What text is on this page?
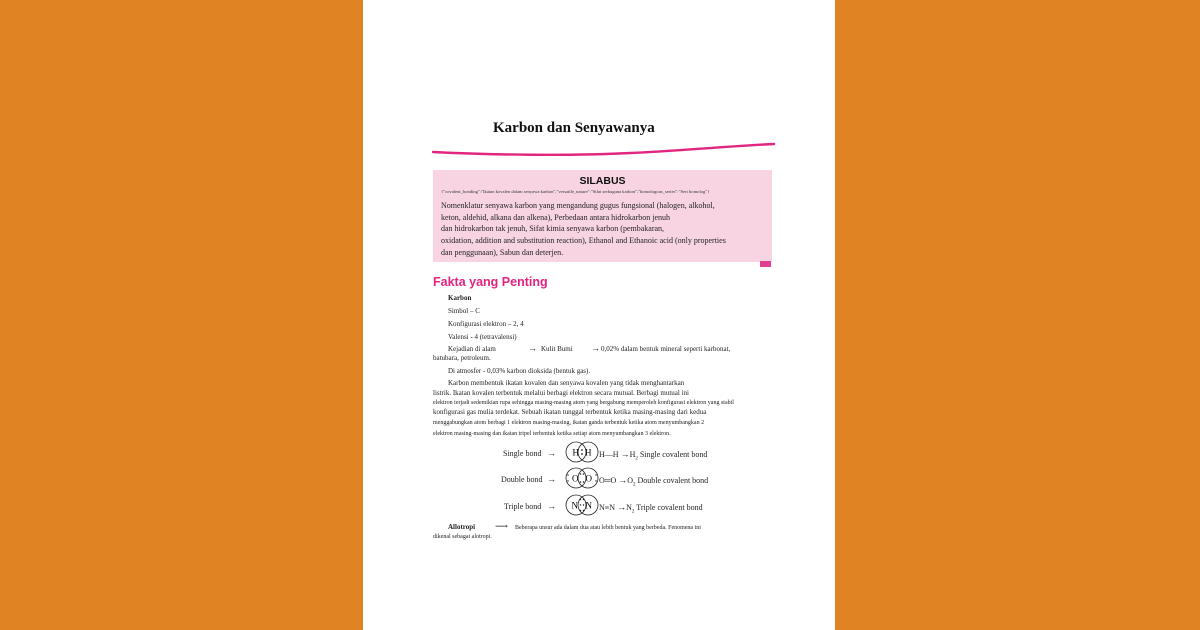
Karbon dan Senyawanya
SILABUS
{"covalent_bonding":"Ikatan kovalen dalam senyawa karbon","versatile_nature":"Sifat serbaguna karbon","homologous_series":"Seri homolog"}
Nomenklatur senyawa karbon yang mengandung gugus fungsional (halogen, alkohol,
keton, aldehid, alkana dan alkena), Perbedaan antara hidrokarbon jenuh
dan hidrokarbon tak jenuh, Sifat kimia senyawa karbon (pembakaran,
oxidation, addition and substitution reaction), Ethanol and Ethanoic acid (only properties
dan penggunaan), Sabun dan deterjen.
Fakta yang Penting
Karbon
Simbol – C
Konfigurasi elektron – 2, 4
Valensi - 4 (tetravalensi)
Kejadian di alam	→ Kulit Bumi → 0,02% dalam bentuk mineral seperti karbonat,
batubara, petroleum.
Di atmosfer - 0,03% karbon dioksida (bentuk gas).
Karbon membentuk ikatan kovalen dan senyawa kovalen yang tidak menghantarkan
listrik. Ikatan kovalen terbentuk melalui berbagi elektron secara mutual. Berbagi mutual ini
elektron terjadi sedemikian rupa sehingga masing-masing atom yang bergabung memperoleh konfigurasi elektron yang stabil
konfigurasi gas mulia terdekat. Sebuah ikatan tunggal terbentuk ketika masing-masing dari kedua
menggabungkan atom berbagi 1 elektron masing-masing, ikatan ganda terbentuk ketika atom menyumbangkan 2
elektron masing-masing dan ikatan tripel terbentuk ketika setiap atom menyumbangkan 3 elektron.
Single bond → H H H—H $\to H_2$ Single covalent bond
Double bond → O O O═O $\to O_2$ Double covalent bond
Triple bond → N N $N\equiv N \to N_2$ Triple covalent bond
Allotropi ⟶ Beberapa unsur ada dalam dua atau lebih bentuk yang berbeda. Fenomena ini
dikenal sebagai alotropi.
